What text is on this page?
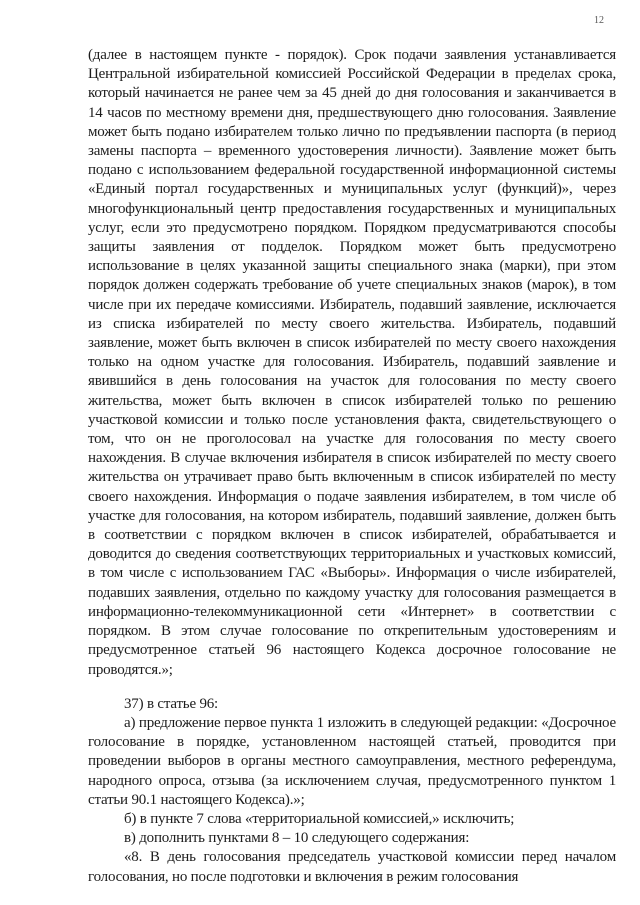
12

(далее в настоящем пункте - порядок). Срок подачи заявления устанавливается Центральной избирательной комиссией Российской Федерации в пределах срока, который начинается не ранее чем за 45 дней до дня голосования и заканчивается в 14 часов по местному времени дня, предшествующего дню голосования. Заявление может быть подано избирателем только лично по предъявлении паспорта (в период замены паспорта – временного удостоверения личности). Заявление может быть подано с использованием федеральной государственной информационной системы «Единый портал государственных и муниципальных услуг (функций)», через многофункциональный центр предоставления государственных и муниципальных услуг, если это предусмотрено порядком. Порядком предусматриваются способы защиты заявления от подделок. Порядком может быть предусмотрено использование в целях указанной защиты специального знака (марки), при этом порядок должен содержать требование об учете специальных знаков (марок), в том числе при их передаче комиссиями. Избиратель, подавший заявление, исключается из списка избирателей по месту своего жительства. Избиратель, подавший заявление, может быть включен в список избирателей по месту своего нахождения только на одном участке для голосования. Избиратель, подавший заявление и явившийся в день голосования на участок для голосования по месту своего жительства, может быть включен в список избирателей только по решению участковой комиссии и только после установления факта, свидетельствующего о том, что он не проголосовал на участке для голосования по месту своего нахождения. В случае включения избирателя в список избирателей по месту своего жительства он утрачивает право быть включенным в список избирателей по месту своего нахождения. Информация о подаче заявления избирателем, в том числе об участке для голосования, на котором избиратель, подавший заявление, должен быть в соответствии с порядком включен в список избирателей, обрабатывается и доводится до сведения соответствующих территориальных и участковых комиссий, в том числе с использованием ГАС «Выборы». Информация о числе избирателей, подавших заявления, отдельно по каждому участку для голосования размещается в информационно-телекоммуникационной сети «Интернет» в соответствии с порядком. В этом случае голосование по открепительным удостоверениям и предусмотренное статьей 96 настоящего Кодекса досрочное голосование не проводятся.»;

37) в статье 96:

а) предложение первое пункта 1 изложить в следующей редакции: «Досрочное голосование в порядке, установленном настоящей статьей, проводится при проведении выборов в органы местного самоуправления, местного референдума, народного опроса, отзыва (за исключением случая, предусмотренного пунктом 1 статьи 90.1 настоящего Кодекса).»;

б) в пункте 7 слова «территориальной комиссией,» исключить;

в) дополнить пунктами 8 – 10 следующего содержания:

«8. В день голосования председатель участковой комиссии перед началом голосования, но после подготовки и включения в режим голосования
